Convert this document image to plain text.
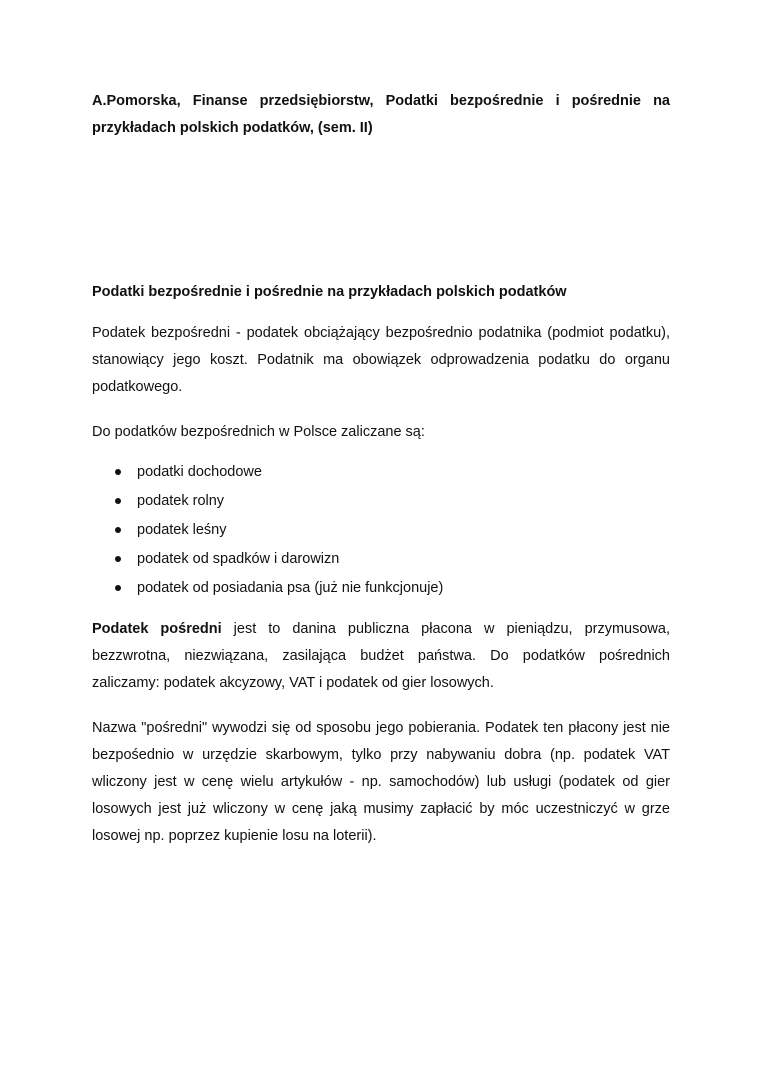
A.Pomorska, Finanse przedsiębiorstw, Podatki bezpośrednie i pośrednie na przykładach polskich podatków, (sem. II)

Podatki bezpośrednie i pośrednie na przykładach polskich podatków

Podatek bezpośredni - podatek obciążający bezpośrednio podatnika (podmiot podatku), stanowiący jego koszt. Podatnik ma obowiązek odprowadzenia podatku do organu podatkowego.

Do podatków bezpośrednich w Polsce zaliczane są:

podatki dochodowe
podatek rolny
podatek leśny
podatek od spadków i darowizn
podatek od posiadania psa (już nie funkcjonuje)

Podatek pośredni jest to danina publiczna płacona w pieniądzu, przymusowa, bezzwrotna, niezwiązana, zasilająca budżet państwa. Do podatków pośrednich zaliczamy: podatek akcyzowy, VAT i podatek od gier losowych.

Nazwa "pośredni" wywodzi się od sposobu jego pobierania. Podatek ten płacony jest nie bezpośednio w urzędzie skarbowym, tylko przy nabywaniu dobra (np. podatek VAT wliczony jest w cenę wielu artykułów - np. samochodów) lub usługi (podatek od gier losowych jest już wliczony w cenę jaką musimy zapłacić by móc uczestniczyć w grze losowej np. poprzez kupienie losu na loterii).
